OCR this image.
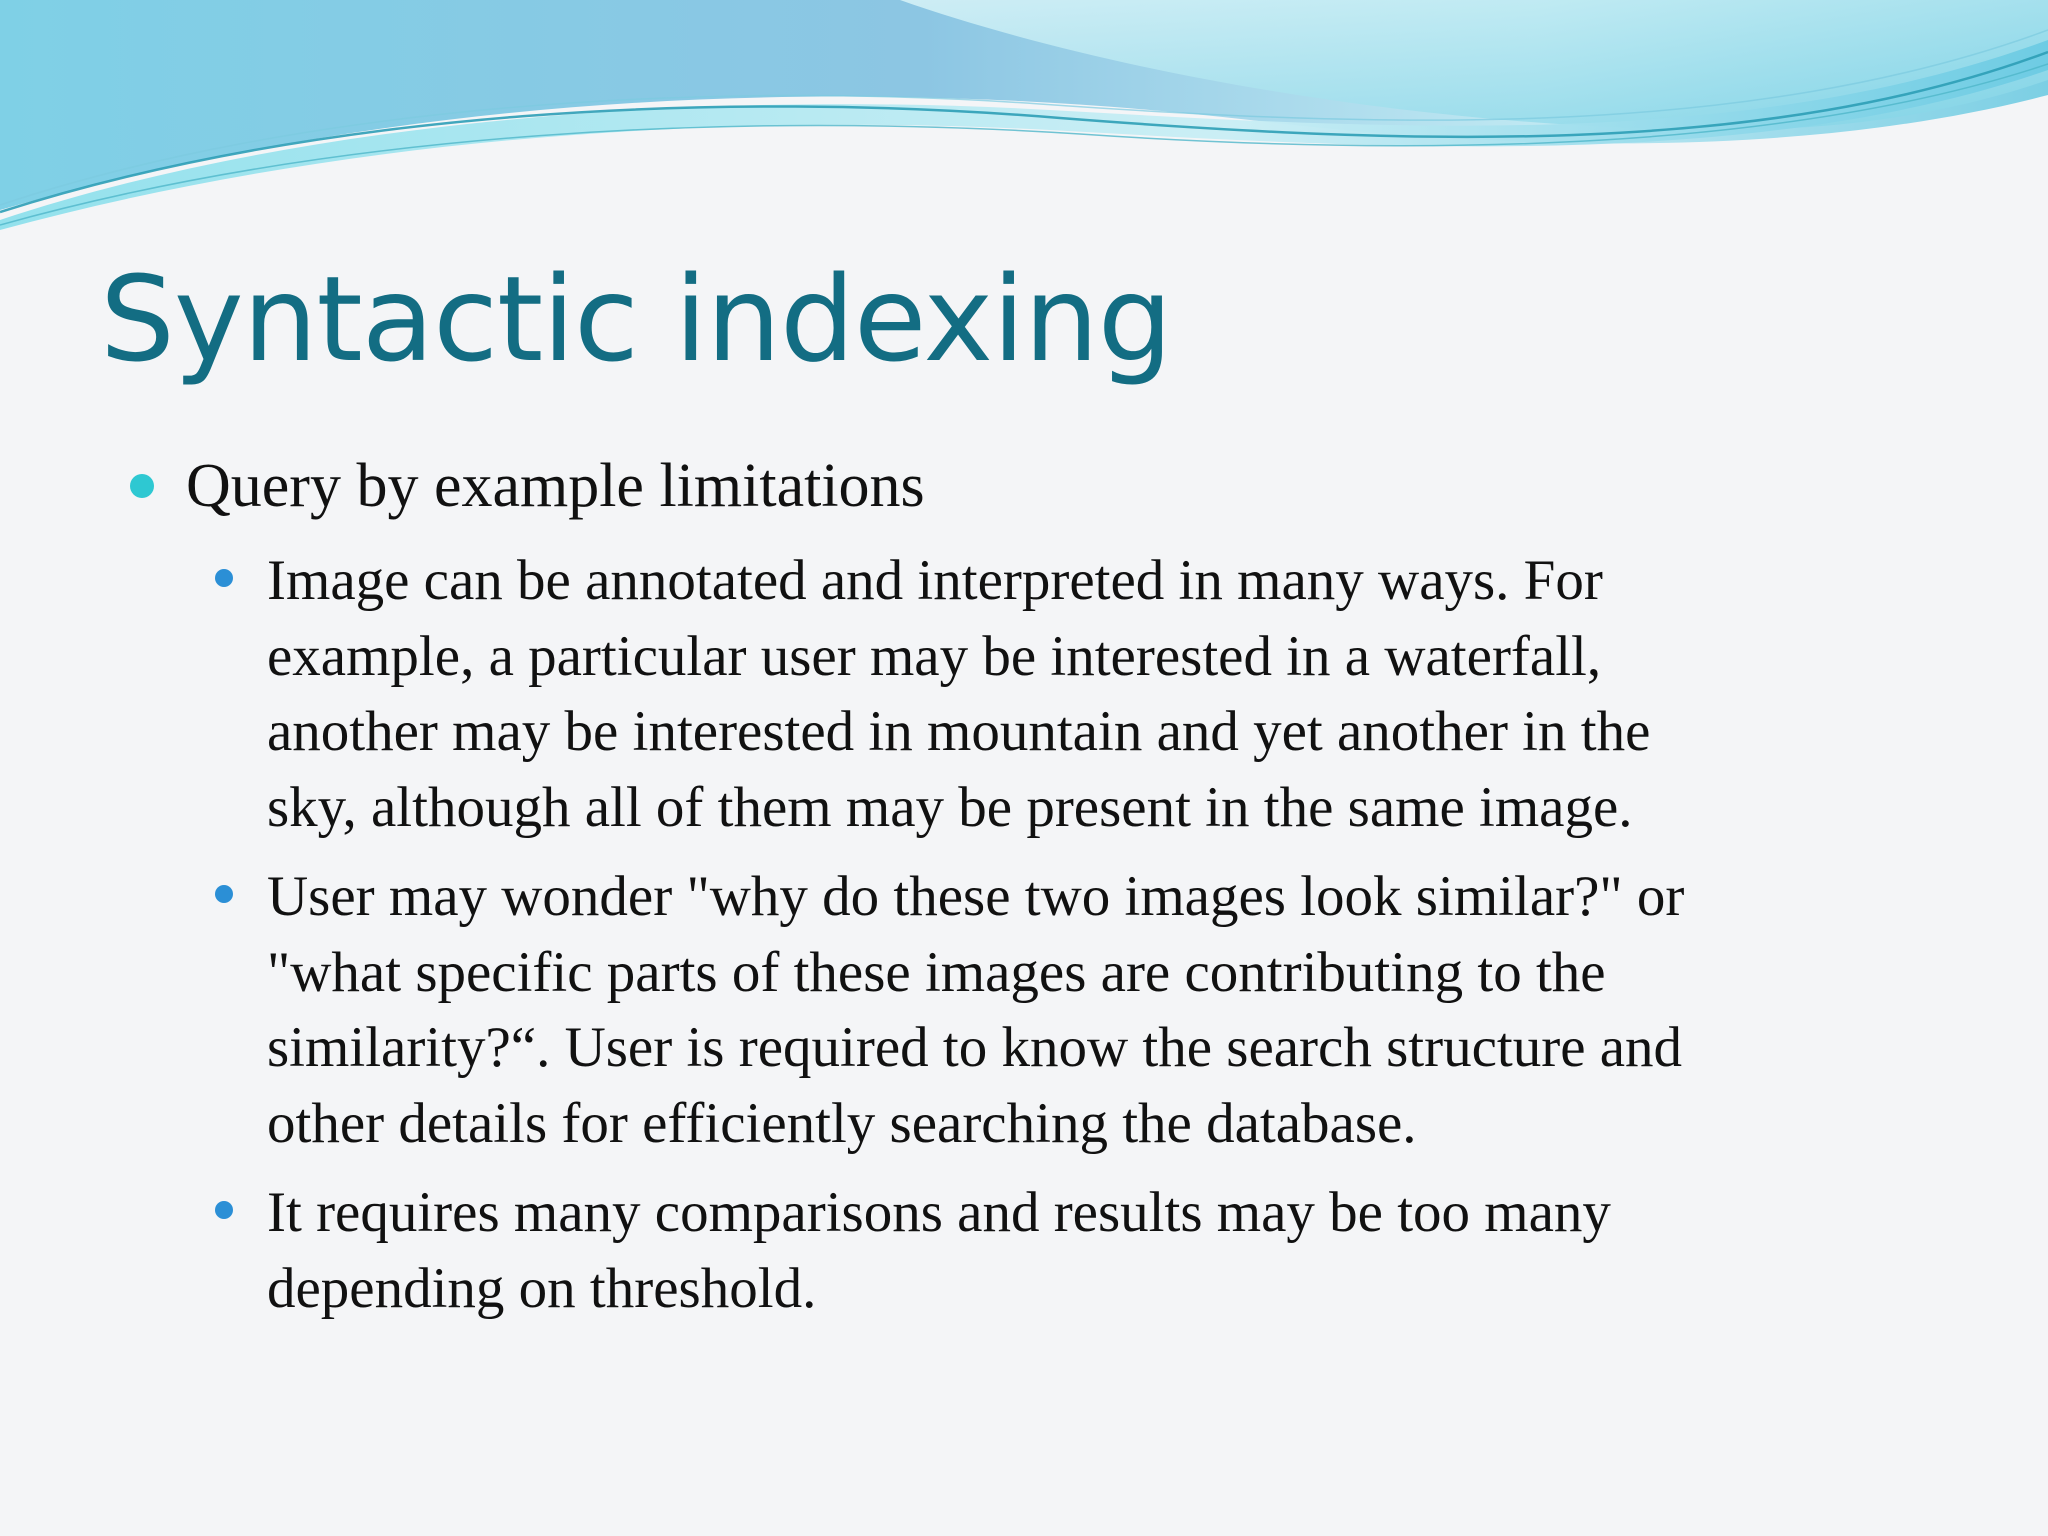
Syntactic indexing
Query by example limitations
Image can be annotated and interpreted in many ways. For
example, a particular user may be interested in a waterfall,
another may be interested in mountain and yet another in the
sky, although all of them may be present in the same image.
User may wonder "why do these two images look similar?" or
"what specific parts of these images are contributing to the
similarity?“. User is required to know the search structure and
other details for efficiently searching the database.
It requires many comparisons and results may be too many
depending on threshold.
